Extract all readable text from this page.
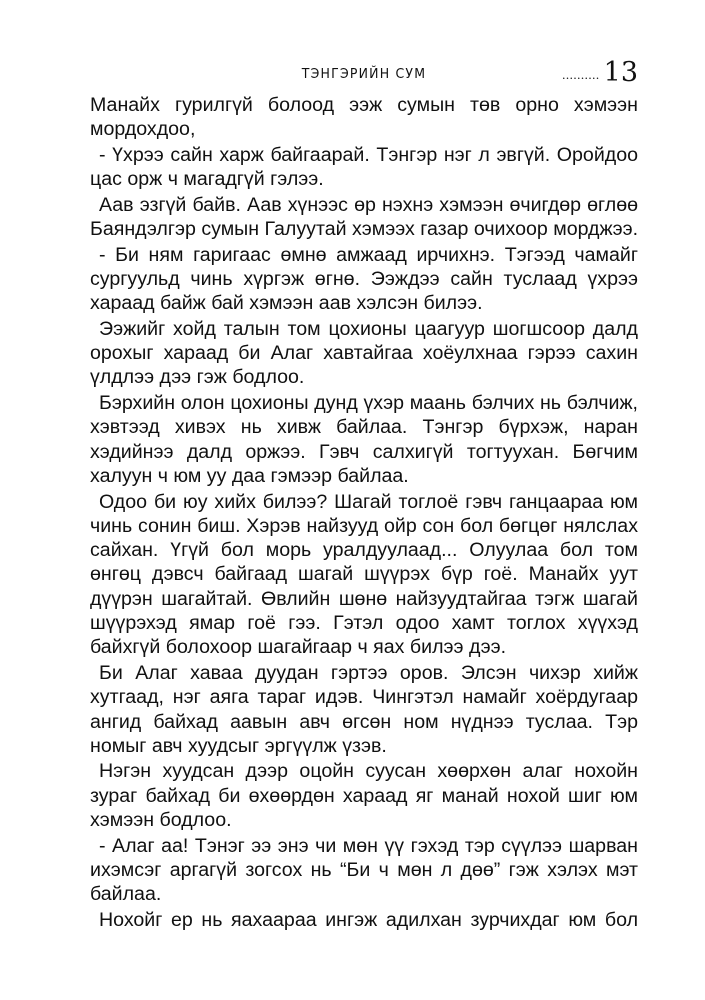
ТЭНГЭРИЙН СУМ	.......... 13

Манайх гурилгүй болоод ээж сумын төв орно хэмээн мордохдоо,

- Үхрээ сайн харж байгаарай. Тэнгэр нэг л эвгүй. Оройдоо цас орж ч магадгүй гэлээ.

Аав эзгүй байв. Аав хүнээс өр нэхнэ хэмээн өчигдөр өглөө Баяндэлгэр сумын Галуутай хэмээх газар очихоор морджээ.

- Би ням гаригаас өмнө амжаад ирчихнэ. Тэгээд чамайг сургуульд чинь хүргэж өгнө. Ээждээ сайн туслаад үхрээ хараад байж бай хэмээн аав хэлсэн билээ.

Ээжийг хойд талын том цохионы цаагуур шогшсоор далд орохыг хараад би Алаг хавтайгаа хоёулхнаа гэрээ сахин үлдлээ дээ гэж бодлоо.

Бэрхийн олон цохионы дунд үхэр маань бэлчих нь бэлчиж, хэвтээд хивэх нь хивж байлаа. Тэнгэр бүрхэж, наран хэдийнээ далд оржээ. Гэвч салхигүй тогтуухан. Бөгчим халуун ч юм уу даа гэмээр байлаа.

Одоо би юу хийх билээ? Шагай тоглоё гэвч ганцаараа юм чинь сонин биш. Хэрэв найзууд ойр сон бол бөгцөг нялслах сайхан. Үгүй бол морь уралдуулаад... Олуулаа бол том өнгөц дэвсч байгаад шагай шүүрэх бүр гоё. Манайх уут дүүрэн шагайтай. Өвлийн шөнө найзуудтайгаа тэгж шагай шүүрэхэд ямар гоё гээ. Гэтэл одоо хамт тоглох хүүхэд байхгүй болохоор шагайгаар ч яах билээ дээ.

Би Алаг хаваа дуудан гэртээ оров. Элсэн чихэр хийж хутгаад, нэг аяга тараг идэв. Чингэтэл намайг хоёрдугаар ангид байхад аавын авч өгсөн ном нүднээ туслаа. Тэр номыг авч хуудсыг эргүүлж үзэв.

Нэгэн хуудсан дээр оцойн суусан хөөрхөн алаг нохойн зураг байхад би өхөөрдөн хараад яг манай нохой шиг юм хэмээн бодлоо.

- Алаг аа! Тэнэг ээ энэ чи мөн үү гэхэд тэр сүүлээ шарван ихэмсэг аргагүй зогсох нь “Би ч мөн л дөө” гэж хэлэх мэт байлаа.

Нохойг ер нь яахаараа ингэж адилхан зурчихдаг юм бол
